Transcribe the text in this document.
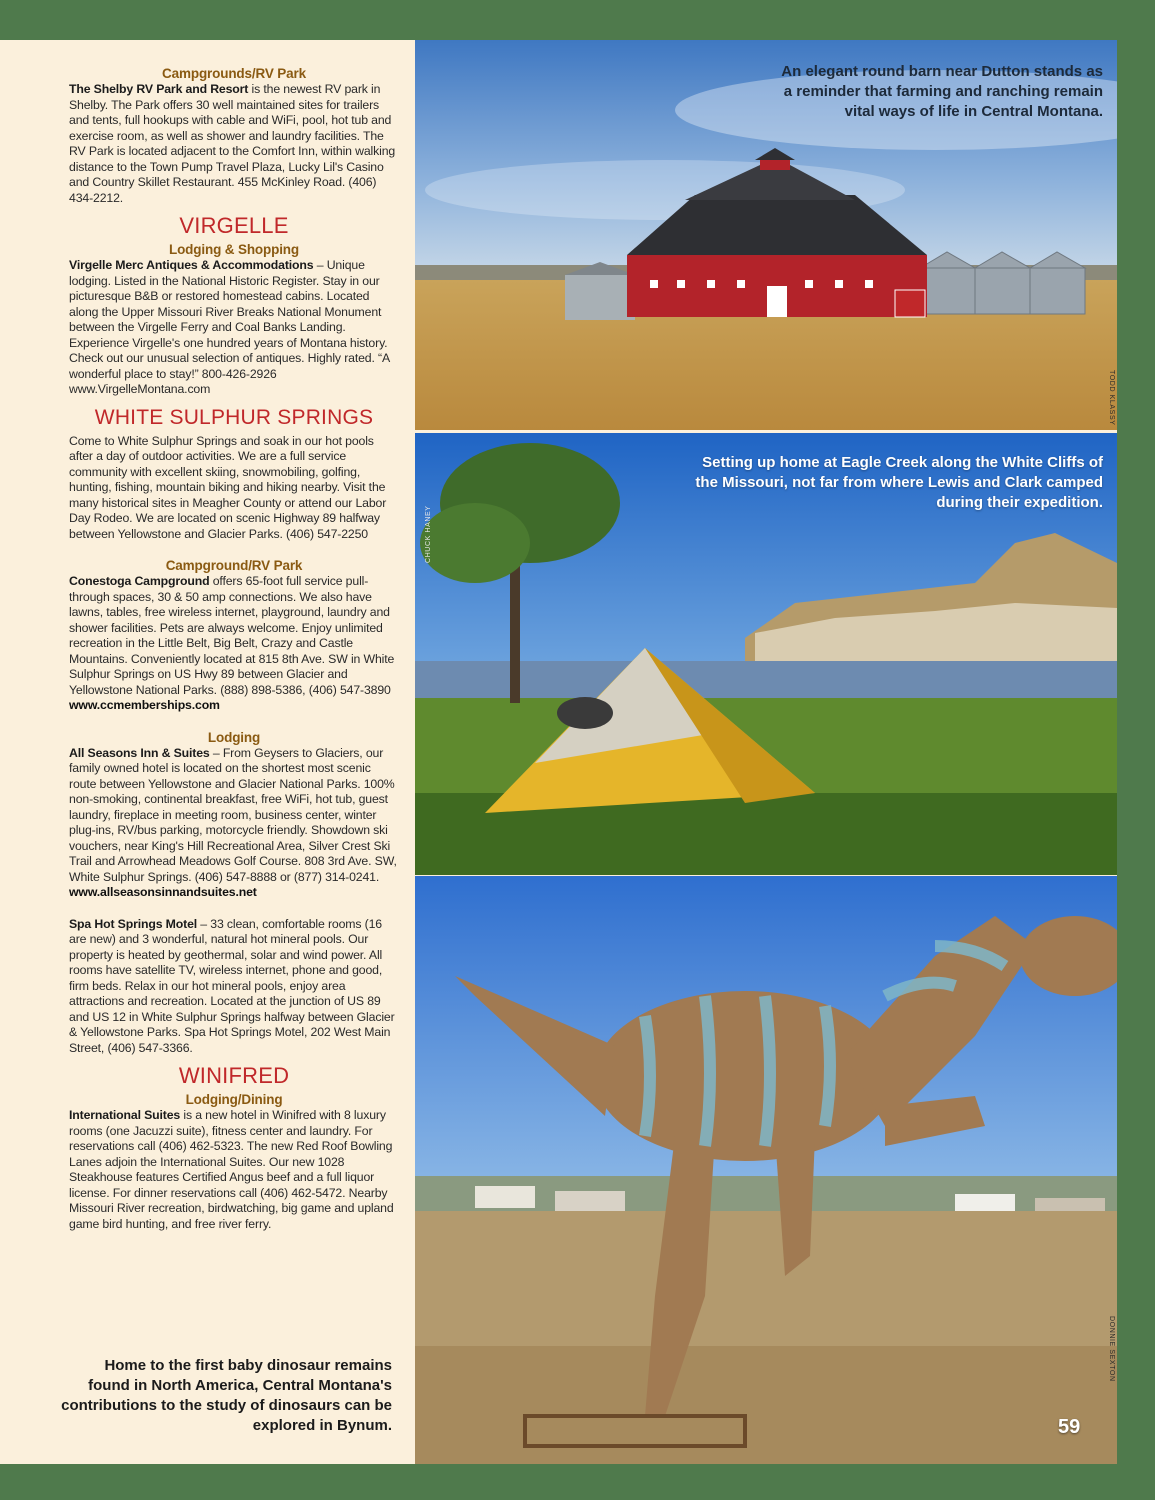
Campgrounds/RV Park

The Shelby RV Park and Resort is the newest RV park in Shelby. The Park offers 30 well maintained sites for trailers and tents, full hookups with cable and WiFi, pool, hot tub and exercise room, as well as shower and laundry facilities. The RV Park is located adjacent to the Comfort Inn, within walking distance to the Town Pump Travel Plaza, Lucky Lil's Casino and Country Skillet Restaurant. 455 McKinley Road. (406) 434-2212.

VIRGELLE

Lodging & Shopping

Virgelle Merc Antiques & Accommodations – Unique lodging. Listed in the National Historic Register. Stay in our picturesque B&B or restored homestead cabins. Located along the Upper Missouri River Breaks National Monument between the Virgelle Ferry and Coal Banks Landing. Experience Virgelle's one hundred years of Montana history. Check out our unusual selection of antiques. Highly rated. “A wonderful place to stay!” 800-426-2926 www.VirgelleMontana.com

WHITE SULPHUR SPRINGS

Come to White Sulphur Springs and soak in our hot pools after a day of outdoor activities. We are a full service community with excellent skiing, snowmobiling, golfing, hunting, fishing, mountain biking and hiking nearby. Visit the many historical sites in Meagher County or attend our Labor Day Rodeo. We are located on scenic Highway 89 halfway between Yellowstone and Glacier Parks. (406) 547-2250

Campground/RV Park

Conestoga Campground offers 65-foot full service pull-through spaces, 30 & 50 amp connections. We also have lawns, tables, free wireless internet, playground, laundry and shower facilities. Pets are always welcome. Enjoy unlimited recreation in the Little Belt, Big Belt, Crazy and Castle Mountains. Conveniently located at 815 8th Ave. SW in White Sulphur Springs on US Hwy 89 between Glacier and Yellowstone National Parks. (888) 898-5386, (406) 547-3890
www.ccmemberships.com

Lodging

All Seasons Inn & Suites – From Geysers to Glaciers, our family owned hotel is located on the shortest most scenic route between Yellowstone and Glacier National Parks. 100% non-smoking, continental breakfast, free WiFi, hot tub, guest laundry, fireplace in meeting room, business center, winter plug-ins, RV/bus parking, motorcycle friendly. Showdown ski vouchers, near King's Hill Recreational Area, Silver Crest Ski Trail and Arrowhead Meadows Golf Course. 808 3rd Ave. SW, White Sulphur Springs. (406) 547-8888 or (877) 314-0241.
www.allseasonsinnandsuites.net

Spa Hot Springs Motel – 33 clean, comfortable rooms (16 are new) and 3 wonderful, natural hot mineral pools. Our property is heated by geothermal, solar and wind power. All rooms have satellite TV, wireless internet, phone and good, firm beds. Relax in our hot mineral pools, enjoy area attractions and recreation. Located at the junction of US 89 and US 12 in White Sulphur Springs halfway between Glacier & Yellowstone Parks. Spa Hot Springs Motel, 202 West Main Street, (406) 547-3366.

WINIFRED

Lodging/Dining

International Suites is a new hotel in Winifred with 8 luxury rooms (one Jacuzzi suite), fitness center and laundry. For reservations call (406) 462-5323. The new Red Roof Bowling Lanes adjoin the International Suites. Our new 1028 Steakhouse features Certified Angus beef and a full liquor license. For dinner reservations call (406) 462-5472. Nearby Missouri River recreation, birdwatching, big game and upland game bird hunting, and free river ferry.

Home to the first baby dinosaur remains found in North America, Central Montana's contributions to the study of dinosaurs can be explored in Bynum.
An elegant round barn near Dutton stands as a reminder that farming and ranching remain vital ways of life in Central Montana.
TODD KLASSY
Setting up home at Eagle Creek along the White Cliffs of the Missouri, not far from where Lewis and Clark camped during their expedition.
CHUCK HANEY
DONNIE SEXTON
59
